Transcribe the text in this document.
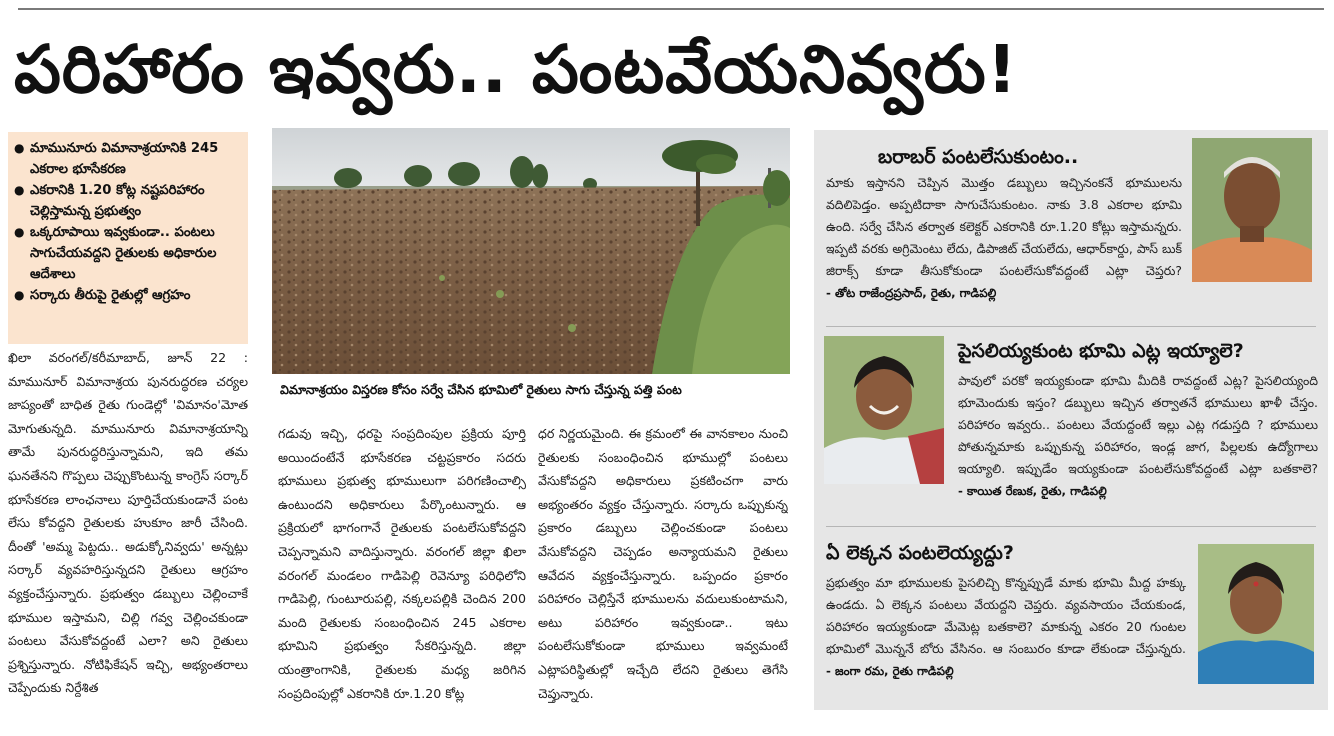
పరిహారం ఇవ్వరు.. పంటవేయనివ్వరు!
● మామునూరు విమానాశ్రయానికి 245 ఎకరాల భూసేకరణ
● ఎకరానికి 1.20 కోట్ల నష్టపరిహారం చెల్లిస్తామన్న ప్రభుత్వం
● ఒక్కరూపాయి ఇవ్వకుండా.. పంటలు సాగుచేయవద్దని రైతులకు అధికారుల ఆదేశాలు
● సర్కారు తీరుపై రైతుల్లో ఆగ్రహం
విమానాశ్రయం విస్తరణ కోసం సర్వే చేసిన భూమిలో రైతులు సాగు చేస్తున్న పత్తి పంట

ఖిలా వరంగల్/కరీమాబాద్, జూన్ 22 : మామునూర్ విమానాశ్రయ పునరుద్ధరణ చర్యల జాప్యంతో బాధిత రైతు గుండెల్లో 'విమానం'మోత మోగుతున్నది. మామునూరు విమానాశ్రయాన్ని తామే పునరుద్ధరిస్తున్నామని, ఇది తమ ఘనతేనని గొప్పలు చెప్పుకొంటున్న కాంగ్రెస్ సర్కార్ భూసేకరణ లాంఛనాలు పూర్తిచేయకుండానే పంట లేసు కోవద్దని రైతులకు హుకూం జారీ చేసింది. దీంతో 'అమ్మ పెట్టదు.. అడుక్కోనివ్వదు' అన్నట్లు సర్కార్ వ్యవహరిస్తున్నదని రైతులు ఆగ్రహం వ్యక్తంచేస్తున్నారు. ప్రభుత్వం డబ్బులు చెల్లించాకే భూముల ఇస్తామని, చిల్లి గవ్వ చెల్లించకుండా పంటలు వేసుకోవద్దంటే ఎలా? అని రైతులు ప్రశ్నిస్తున్నారు. నోటిఫికేషన్ ఇచ్చి, అభ్యంతరాలు చెప్పేందుకు నిర్దేశిత

గడువు ఇచ్చి, ధరపై సంప్రదింపుల ప్రక్రియ పూర్తి అయిందంటేనే భూసేకరణ చట్టప్రకారం సదరు భూములు ప్రభుత్వ భూములుగా పరిగణించాల్సి ఉంటుందని అధికారులు పేర్కొంటున్నారు. ఆ ప్రక్రియలో భాగంగానే రైతులకు పంటలేసుకోవద్దని చెప్పన్నామని వాదిస్తున్నారు. వరంగల్ జిల్లా ఖిలా వరంగల్ మండలం గాడిపెల్లి రెవెన్యూ పరిధిలోని గాడిపెల్లి, గుంటూరుపల్లి, నక్కలపల్లికి చెందిన 200 మంది రైతులకు సంబంధించిన 245 ఎకరాల భూమిని ప్రభుత్వం సేకరిస్తున్నది. జిల్లా యంత్రాంగానికి, రైతులకు మధ్య జరిగిన సంప్రదింపుల్లో ఎకరానికి రూ.1.20 కోట్ల

ధర నిర్ణయమైంది. ఈ క్రమంలో ఈ వానకాలం నుంచి రైతులకు సంబంధించిన భూముల్లో పంటలు వేసుకోవద్దని అధికారులు ప్రకటించగా వారు అభ్యంతరం వ్యక్తం చేస్తున్నారు. సర్కారు ఒప్పుకున్న ప్రకారం డబ్బులు చెల్లించకుండా పంటలు వేసుకోవద్దని చెప్పడం అన్యాయమని రైతులు ఆవేదన వ్యక్తంచేస్తున్నారు. ఒప్పందం ప్రకారం పరిహారం చెల్లిస్తేనే భూములను వదులుకుంటామని, అటు పరిహారం ఇవ్వకుండా.. ఇటు పంటలేసుకోకుండా భూములు ఇవ్వమంటే ఎట్లాపరిస్థితుల్లో ఇచ్చేది లేదని రైతులు తెగేసి చెప్తున్నారు.

బరాబర్ పంటలేసుకుంటం..
మాకు ఇస్తానని చెప్పిన మొత్తం డబ్బులు ఇచ్చినంకనే భూములను వదిలిపెడ్తం. అప్పటిదాకా సాగుచేసుకుంటం. నాకు 3.8 ఎకరాల భూమి ఉంది. సర్వే చేసిన తర్వాత కలెక్టర్ ఎకరానికి రూ.1.20 కోట్లు ఇస్తామన్నరు. ఇప్పటి వరకు అగ్రిమెంటు లేదు, డిపాజిట్ చేయలేదు, ఆధార్‌కార్డు, పాస్ బుక్ జిరాక్స్ కూడా తీసుకోకుండా పంటలేసుకోవద్దంటే ఎట్లా చెప్తరు? - తోట రాజేంద్రప్రసాద్, రైతు, గాడిపల్లి
పైసలియ్యకుంట భూమి ఎట్ల ఇయ్యాలె?
పావులో పరకో ఇయ్యకుండా భూమి మీదికి రావద్దంటే ఎట్ల? పైసలియ్యంది భూమెందుకు ఇస్తం? డబ్బులు ఇచ్చిన తర్వాతనే భూములు ఖాళీ చేస్తం. పరిహారం ఇవ్వరు.. పంటలు వేయద్దంటే ఇల్లు ఎట్ల గడుస్తది ? భూములు పోతున్నమాకు ఒప్పుకున్న పరిహారం, ఇండ్ల జాగ, పిల్లలకు ఉద్యోగాలు ఇయ్యాలి. ఇప్పుడేం ఇయ్యకుండా పంటలేసుకోవద్దంటే ఎట్లా బతకాలె? - కాయిత రేణుక, రైతు, గాడిపల్లి
ఏ లెక్కన పంటలెయ్యద్దు?
ప్రభుత్వం మా భూములకు పైసలిచ్చి కొన్నప్పుడే మాకు భూమి మీద్ద హక్కు ఉండదు. ఏ లెక్కన పంటలు వేయద్దని చెప్తరు. వ్యవసాయం చేయకుండ, పరిహారం ఇయ్యకుండా మేమెట్ల బతకాలె? మాకున్న ఎకరం 20 గుంటల భూమిలో మొన్ననే బోరు వేసినం. ఆ సంబురం కూడా లేకుండా చేస్తున్నరు. - జంగా రమ, రైతు గాడిపల్లి
